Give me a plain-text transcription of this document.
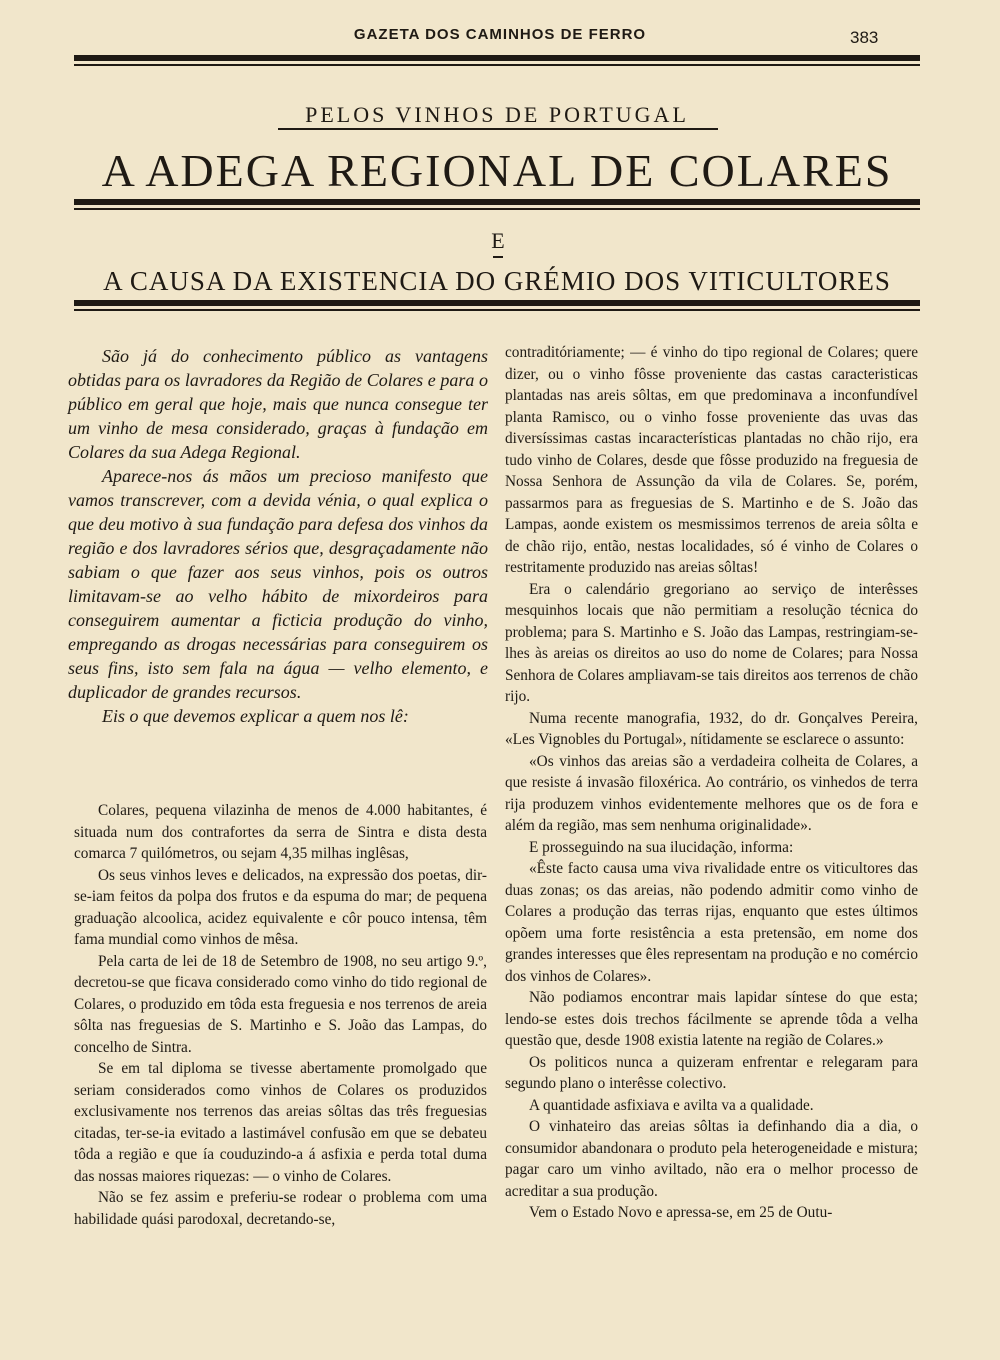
GAZETA DOS CAMINHOS DE FERRO	383
PELOS VINHOS DE PORTUGAL
A ADEGA REGIONAL DE COLARES
E
A CAUSA DA EXISTENCIA DO GRÉMIO DOS VITICULTORES

São já do conhecimento público as vantagens obtidas para os lavradores da Região de Colares e para o público em geral que hoje, mais que nunca consegue ter um vinho de mesa considerado, graças à fundação em Colares da sua Adega Regional.

Aparece-nos ás mãos um precioso manifesto que vamos transcrever, com a devida vénia, o qual explica o que deu motivo à sua fundação para defesa dos vinhos da região e dos lavradores sérios que, desgraçadamente não sabiam o que fazer aos seus vinhos, pois os outros limitavam-se ao velho hábito de mixordeiros para conseguirem aumentar a ficticia produção do vinho, empregando as drogas necessárias para conseguirem os seus fins, isto sem fala na água — velho elemento, e duplicador de grandes recursos.

Eis o que devemos explicar a quem nos lê:

Colares, pequena vilazinha de menos de 4.000 habitantes, é situada num dos contrafortes da serra de Sintra e dista desta comarca 7 quilómetros, ou sejam 4,35 milhas inglêsas,

Os seus vinhos leves e delicados, na expressão dos poetas, dir-se-iam feitos da polpa dos frutos e da espuma do mar; de pequena graduação alcoolica, acidez equivalente e côr pouco intensa, têm fama mundial como vinhos de mêsa.

Pela carta de lei de 18 de Setembro de 1908, no seu artigo 9.º, decretou-se que ficava considerado como vinho do tido regional de Colares, o produzido em tôda esta freguesia e nos terrenos de areia sôlta nas freguesias de S. Martinho e S. João das Lampas, do concelho de Sintra.

Se em tal diploma se tivesse abertamente promolgado que seriam considerados como vinhos de Colares os produzidos exclusivamente nos terrenos das areias sôltas das três freguesias citadas, ter-se-ia evitado a lastimável confusão em que se debateu tôda a região e que ía couduzindo-a á asfixia e perda total duma das nossas maiores riquezas: — o vinho de Colares.

Não se fez assim e preferiu-se rodear o problema com uma habilidade quási parodoxal, decretando-se,

contraditóriamente; — é vinho do tipo regional de Colares; quere dizer, ou o vinho fôsse proveniente das castas caracteristicas plantadas nas areis sôltas, em que predominava a inconfundível planta Ramisco, ou o vinho fosse proveniente das uvas das diversíssimas castas incaracterísticas plantadas no chão rijo, era tudo vinho de Colares, desde que fôsse produzido na freguesia de Nossa Senhora de Assunção da vila de Colares. Se, porém, passarmos para as freguesias de S. Martinho e de S. João das Lampas, aonde existem os mesmissimos terrenos de areia sôlta e de chão rijo, então, nestas localidades, só é vinho de Colares o restritamente produzido nas areias sôltas!

Era o calendário gregoriano ao serviço de interêsses mesquinhos locais que não permitiam a resolução técnica do problema; para S. Martinho e S. João das Lampas, restringiam-se-lhes às areias os direitos ao uso do nome de Colares; para Nossa Senhora de Colares ampliavam-se tais direitos aos terrenos de chão rijo.

Numa recente manografia, 1932, do dr. Gonçalves Pereira, «Les Vignobles du Portugal», nítidamente se esclarece o assunto:

«Os vinhos das areias são a verdadeira colheita de Colares, a que resiste á invasão filoxérica. Ao contrário, os vinhedos de terra rija produzem vinhos evidentemente melhores que os de fora e além da região, mas sem nenhuma originalidade».

E prosseguindo na sua ilucidação, informa:

«Êste facto causa uma viva rivalidade entre os viticultores das duas zonas; os das areias, não podendo admitir como vinho de Colares a produção das terras rijas, enquanto que estes últimos opõem uma forte resistência a esta pretensão, em nome dos grandes interesses que êles representam na produção e no comércio dos vinhos de Colares».

Não podiamos encontrar mais lapidar síntese do que esta; lendo-se estes dois trechos fácilmente se aprende tôda a velha questão que, desde 1908 existia latente na região de Colares.»

Os politicos nunca a quizeram enfrentar e relegaram para segundo plano o interêsse colectivo.

A quantidade asfixiava e avilta va a qualidade.

O vinhateiro das areias sôltas ia definhando dia a dia, o consumidor abandonara o produto pela heterogeneidade e mistura; pagar caro um vinho aviltado, não era o melhor processo de acreditar a sua produção.

Vem o Estado Novo e apressa-se, em 25 de Outu-
